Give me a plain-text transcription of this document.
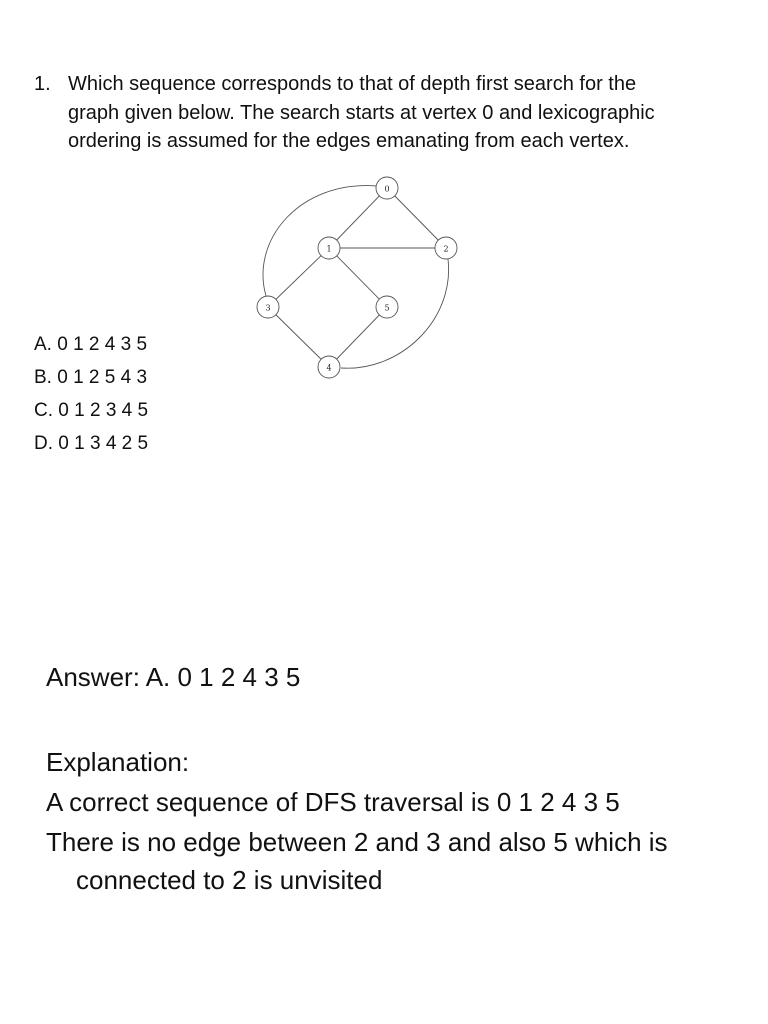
1. Which sequence corresponds to that of depth first search for the
graph given below. The search starts at vertex 0 and lexicographic
ordering is assumed for the edges emanating from each vertex.
0
1	2
3	5
4
A. 0 1 2 4 3 5
B. 0 1 2 5 4 3
C. 0 1 2 3 4 5
D. 0 1 3 4 2 5
Answer: A. 0 1 2 4 3 5
Explanation:
A correct sequence of DFS traversal is 0 1 2 4 3 5
There is no edge between 2 and 3 and also 5 which is
connected to 2 is unvisited
